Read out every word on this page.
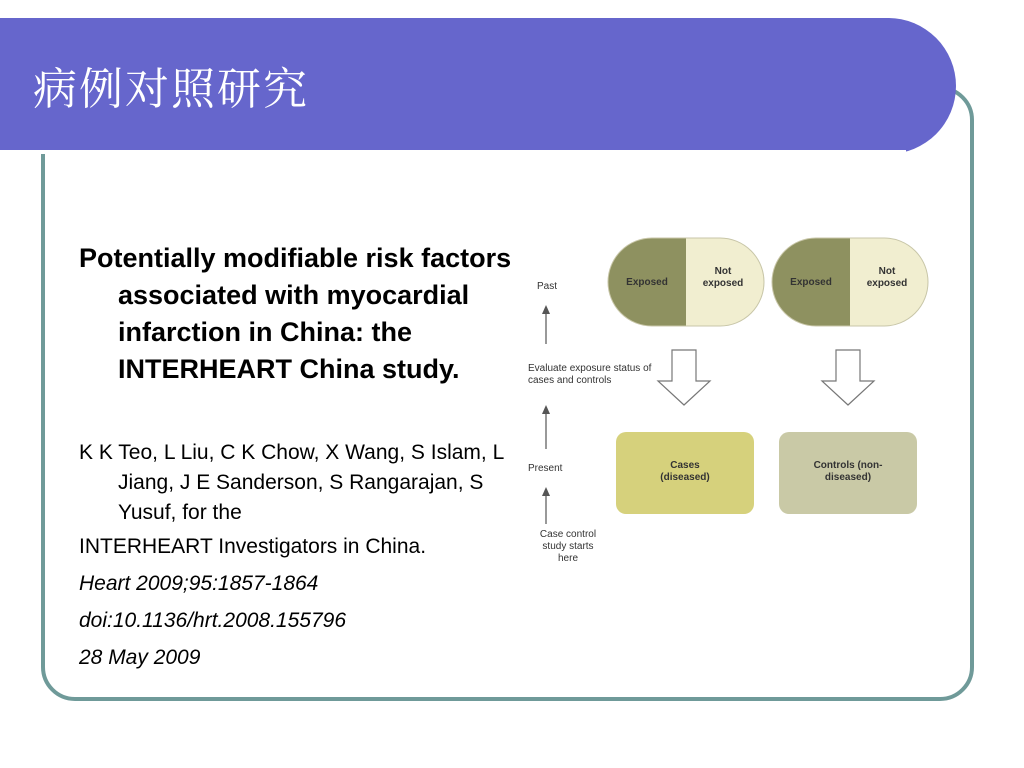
病例对照研究

Potentially modifiable risk factors associated with myocardial infarction in China: the INTERHEART China study.

K K Teo, L Liu, C K Chow, X Wang, S Islam, L Jiang, J E Sanderson, S Rangarajan, S Yusuf, for the

INTERHEART Investigators in China.

Heart 2009;95:1857-1864

doi:10.1136/hrt.2008.155796

28 May 2009

Past
Evaluate exposure status of cases and controls
Present
Case control study starts here
Exposed
Not exposed	Exposed
Not exposed
Cases (diseased)
Controls (non-diseased)
